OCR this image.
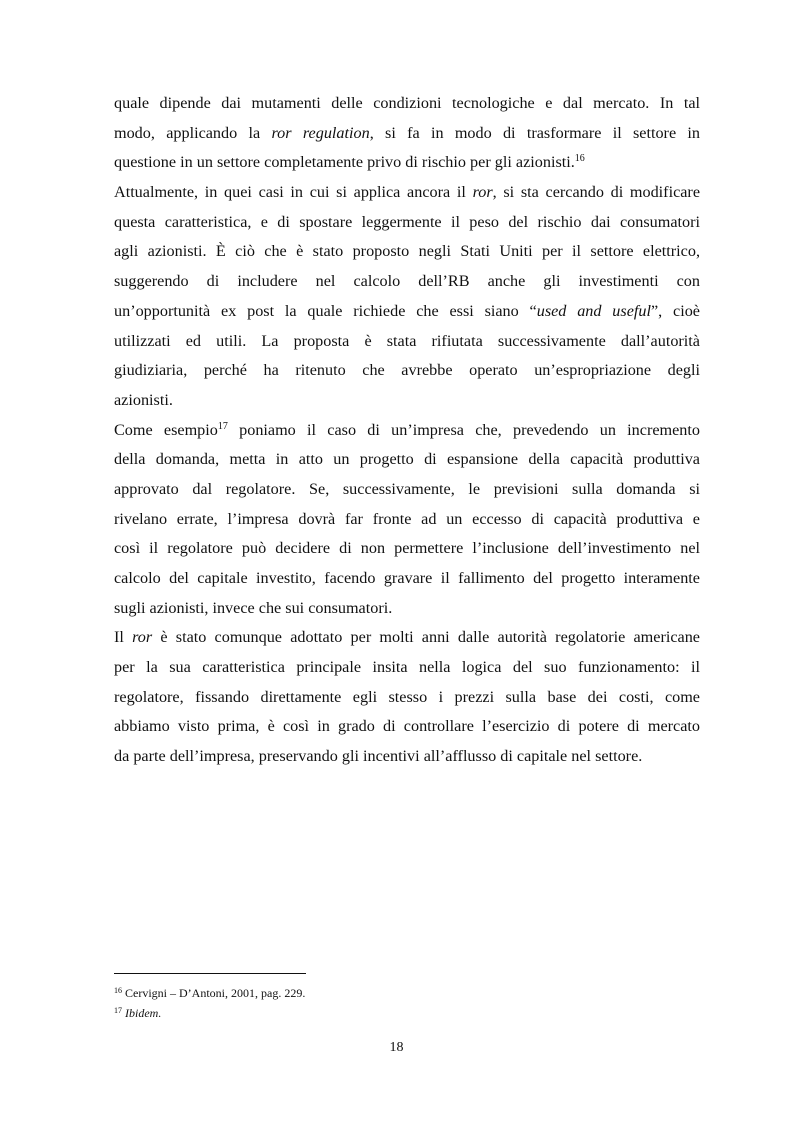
quale dipende dai mutamenti delle condizioni tecnologiche e dal mercato. In tal
modo, applicando la ror regulation, si fa in modo di trasformare il settore in
questione in un settore completamente privo di rischio per gli azionisti.$^{16}$

Attualmente, in quei casi in cui si applica ancora il ror, si sta cercando di modificare
questa caratteristica, e di spostare leggermente il peso del rischio dai consumatori
agli azionisti. È ciò che è stato proposto negli Stati Uniti per il settore elettrico,
suggerendo di includere nel calcolo dell’RB anche gli investimenti con
un’opportunità ex post la quale richiede che essi siano “used and useful”, cioè
utilizzati ed utili. La proposta è stata rifiutata successivamente dall’autorità
giudiziaria, perché ha ritenuto che avrebbe operato un’espropriazione degli
azionisti.

Come esempio$^{17}$ poniamo il caso di un’impresa che, prevedendo un incremento
della domanda, metta in atto un progetto di espansione della capacità produttiva
approvato dal regolatore. Se, successivamente, le previsioni sulla domanda si
rivelano errate, l’impresa dovrà far fronte ad un eccesso di capacità produttiva e
così il regolatore può decidere di non permettere l’inclusione dell’investimento nel
calcolo del capitale investito, facendo gravare il fallimento del progetto interamente
sugli azionisti, invece che sui consumatori.

Il ror è stato comunque adottato per molti anni dalle autorità regolatorie americane
per la sua caratteristica principale insita nella logica del suo funzionamento: il
regolatore, fissando direttamente egli stesso i prezzi sulla base dei costi, come
abbiamo visto prima, è così in grado di controllare l’esercizio di potere di mercato
da parte dell’impresa, preservando gli incentivi all’afflusso di capitale nel settore.

$^{16}$ Cervigni – D’Antoni, 2001, pag. 229.

$^{17}$ Ibidem.

18
